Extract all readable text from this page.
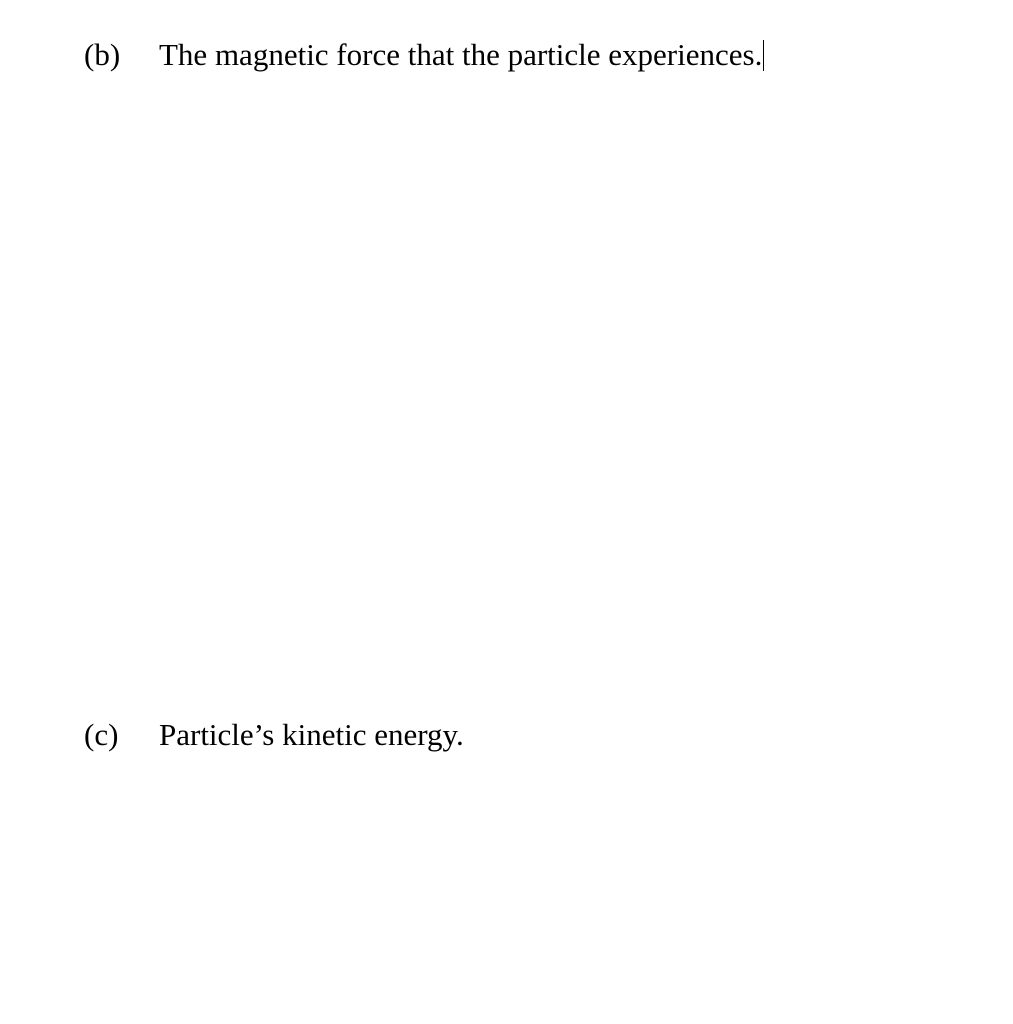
(b) The magnetic force that the particle experiences.
(c) Particle’s kinetic energy.
